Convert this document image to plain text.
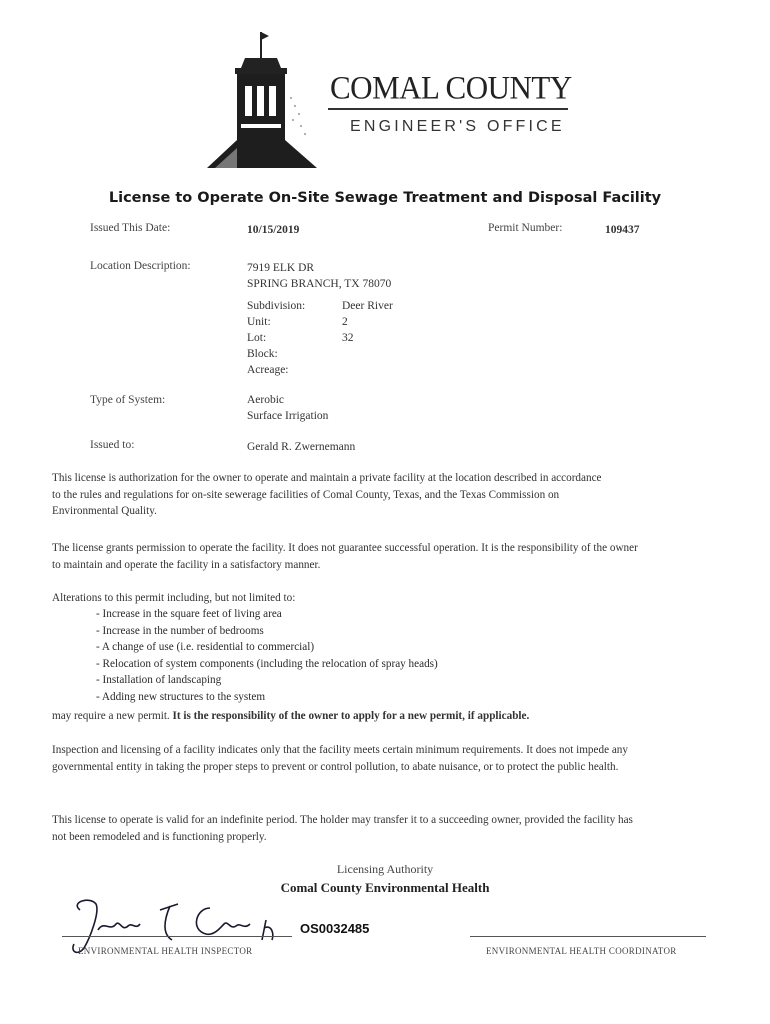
COMAL COUNTY
ENGINEER'S OFFICE
License to Operate On-Site Sewage Treatment and Disposal Facility
Issued This Date:	10/15/2019	Permit Number:	109437
Location Description:	7919 ELK DR
SPRING BRANCH, TX 78070
Subdivision:	Deer River
Unit:	2
Lot:	32
Block:
Acreage:
Type of System:	Aerobic
Surface Irrigation
Issued to:	Gerald R. Zwernemann
This license is authorization for the owner to operate and maintain a private facility at the location described in accordance to the rules and regulations for on-site sewerage facilities of Comal County, Texas, and the Texas Commission on Environmental Quality.
The license grants permission to operate the facility. It does not guarantee successful operation. It is the responsibility of the owner to maintain and operate the facility in a satisfactory manner.
Alterations to this permit including, but not limited to:
- Increase in the square feet of living area
- Increase in the number of bedrooms
- A change of use (i.e. residential to commercial)
- Relocation of system components (including the relocation of spray heads)
- Installation of landscaping
- Adding new structures to the system
may require a new permit. It is the responsibility of the owner to apply for a new permit, if applicable.
Inspection and licensing of a facility indicates only that the facility meets certain minimum requirements. It does not impede any governmental entity in taking the proper steps to prevent or control pollution, to abate nuisance, or to protect the public health.
This license to operate is valid for an indefinite period. The holder may transfer it to a succeeding owner, provided the facility has not been remodeled and is functioning properly.
Licensing Authority
Comal County Environmental Health
OS0032485
ENVIRONMENTAL HEALTH INSPECTOR	ENVIRONMENTAL HEALTH COORDINATOR
